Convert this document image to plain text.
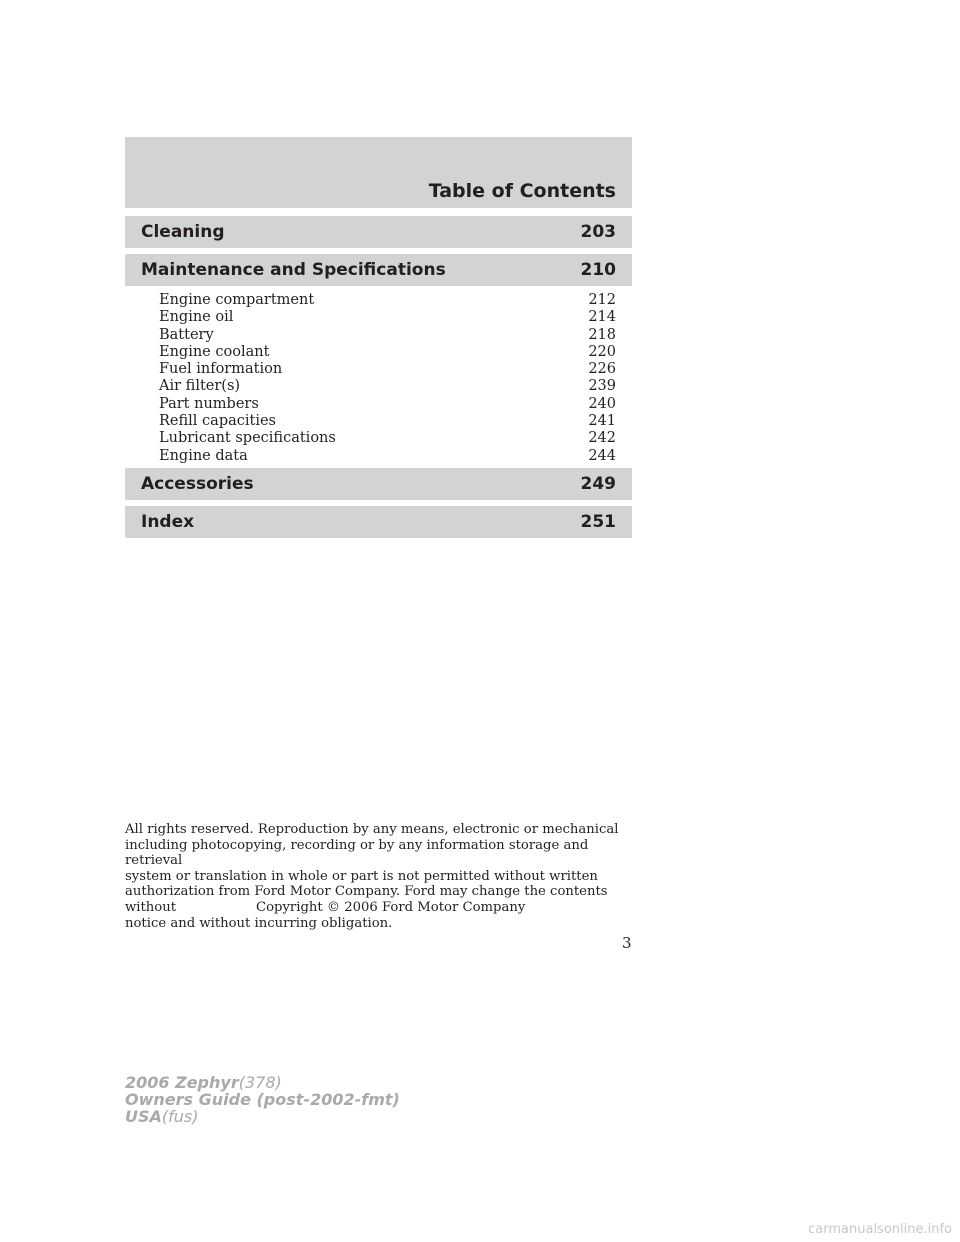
Table of Contents
Cleaning	203
Maintenance and Specifications	210
Engine compartment	212
Engine oil	214
Battery	218
Engine coolant	220
Fuel information	226
Air filter(s)	239
Part numbers	240
Refill capacities	241
Lubricant specifications	242
Engine data	244
Accessories	249
Index	251

All rights reserved. Reproduction by any means, electronic or mechanical
including photocopying, recording or by any information storage and retrieval
system or translation in whole or part is not permitted without written
authorization from Ford Motor Company. Ford may change the contents without
notice and without incurring obligation.

Copyright © 2006 Ford Motor Company
3
2006 Zephyr(378)
Owners Guide (post-2002-fmt)
USA(fus)
carmanualsonline.info
